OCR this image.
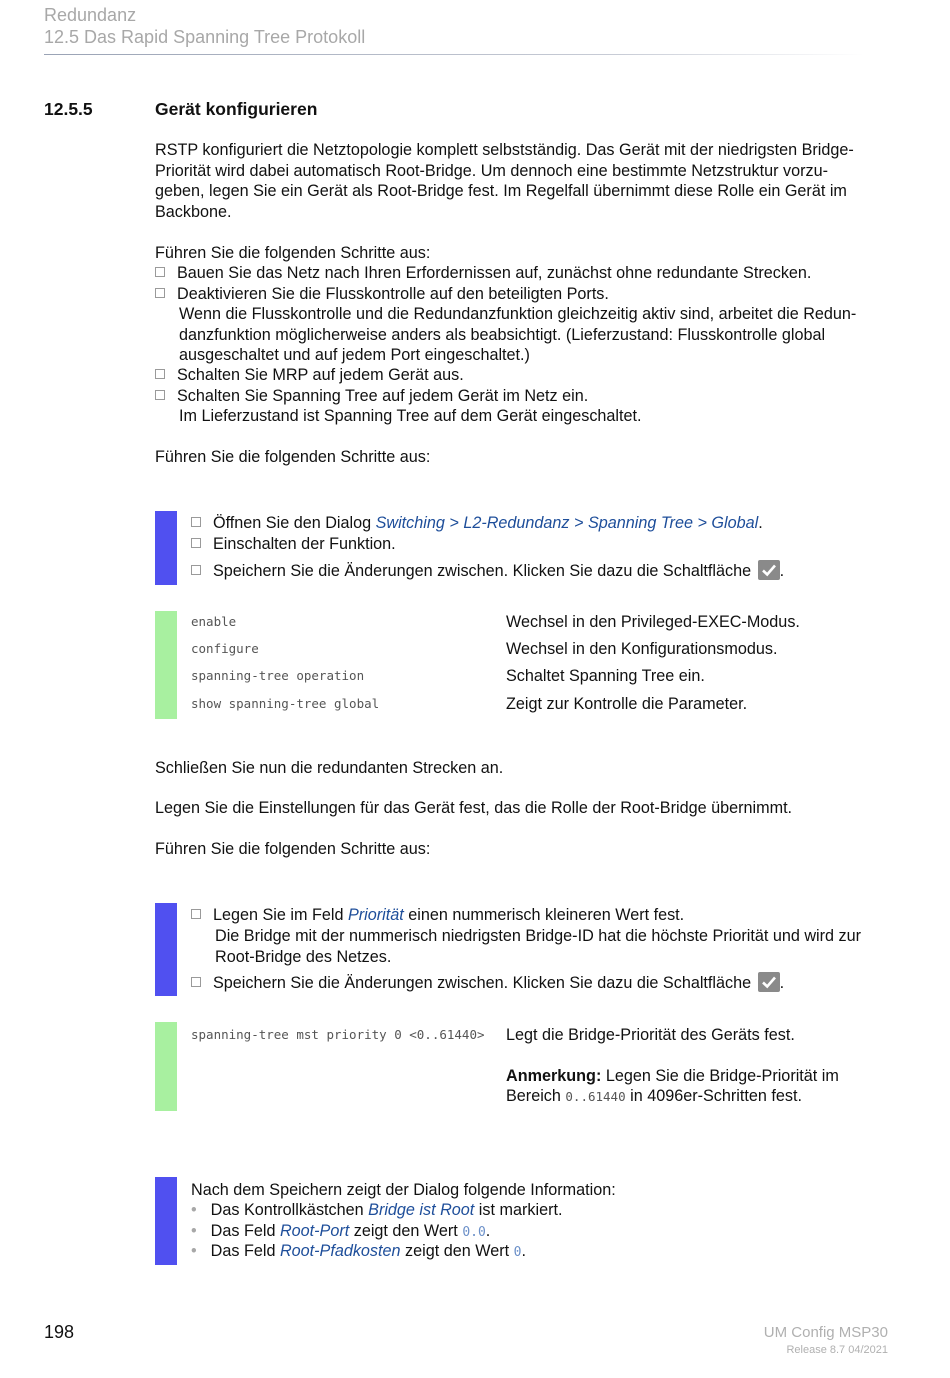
Redundanz
12.5 Das Rapid Spanning Tree Protokoll
12.5.5	Gerät konfigurieren
RSTP konfiguriert die Netztopologie komplett selbstständig. Das Gerät mit der niedrigsten Bridge-
Priorität wird dabei automatisch Root-Bridge. Um dennoch eine bestimmte Netzstruktur vorzu-
geben, legen Sie ein Gerät als Root-Bridge fest. Im Regelfall übernimmt diese Rolle ein Gerät im
Backbone.
Führen Sie die folgenden Schritte aus:
Bauen Sie das Netz nach Ihren Erfordernissen auf, zunächst ohne redundante Strecken.
Deaktivieren Sie die Flusskontrolle auf den beteiligten Ports.
Wenn die Flusskontrolle und die Redundanzfunktion gleichzeitig aktiv sind, arbeitet die Redun-
danzfunktion möglicherweise anders als beabsichtigt. (Lieferzustand: Flusskontrolle global
ausgeschaltet und auf jedem Port eingeschaltet.)
Schalten Sie MRP auf jedem Gerät aus.
Schalten Sie Spanning Tree auf jedem Gerät im Netz ein.
Im Lieferzustand ist Spanning Tree auf dem Gerät eingeschaltet.
Führen Sie die folgenden Schritte aus:
Öffnen Sie den Dialog Switching > L2-Redundanz > Spanning Tree > Global.
Einschalten der Funktion.
Speichern Sie die Änderungen zwischen. Klicken Sie dazu die Schaltfläche .
enable	Wechsel in den Privileged-EXEC-Modus.
configure	Wechsel in den Konfigurationsmodus.
spanning-tree operation	Schaltet Spanning Tree ein.
show spanning-tree global	Zeigt zur Kontrolle die Parameter.
Schließen Sie nun die redundanten Strecken an.
Legen Sie die Einstellungen für das Gerät fest, das die Rolle der Root-Bridge übernimmt.
Führen Sie die folgenden Schritte aus:
Legen Sie im Feld Priorität einen nummerisch kleineren Wert fest.
Die Bridge mit der nummerisch niedrigsten Bridge-ID hat die höchste Priorität und wird zur
Root-Bridge des Netzes.
Speichern Sie die Änderungen zwischen. Klicken Sie dazu die Schaltfläche .
spanning-tree mst priority 0 <0..61440> Legt die Bridge-Priorität des Geräts fest.
Anmerkung: Legen Sie die Bridge-Priorität im
Bereich 0..61440 in 4096er-Schritten fest.
Nach dem Speichern zeigt der Dialog folgende Information:
• Das Kontrollkästchen Bridge ist Root ist markiert.
• Das Feld Root-Port zeigt den Wert 0.0.
• Das Feld Root-Pfadkosten zeigt den Wert 0.
198	UM Config MSP30
Release 8.7 04/2021
